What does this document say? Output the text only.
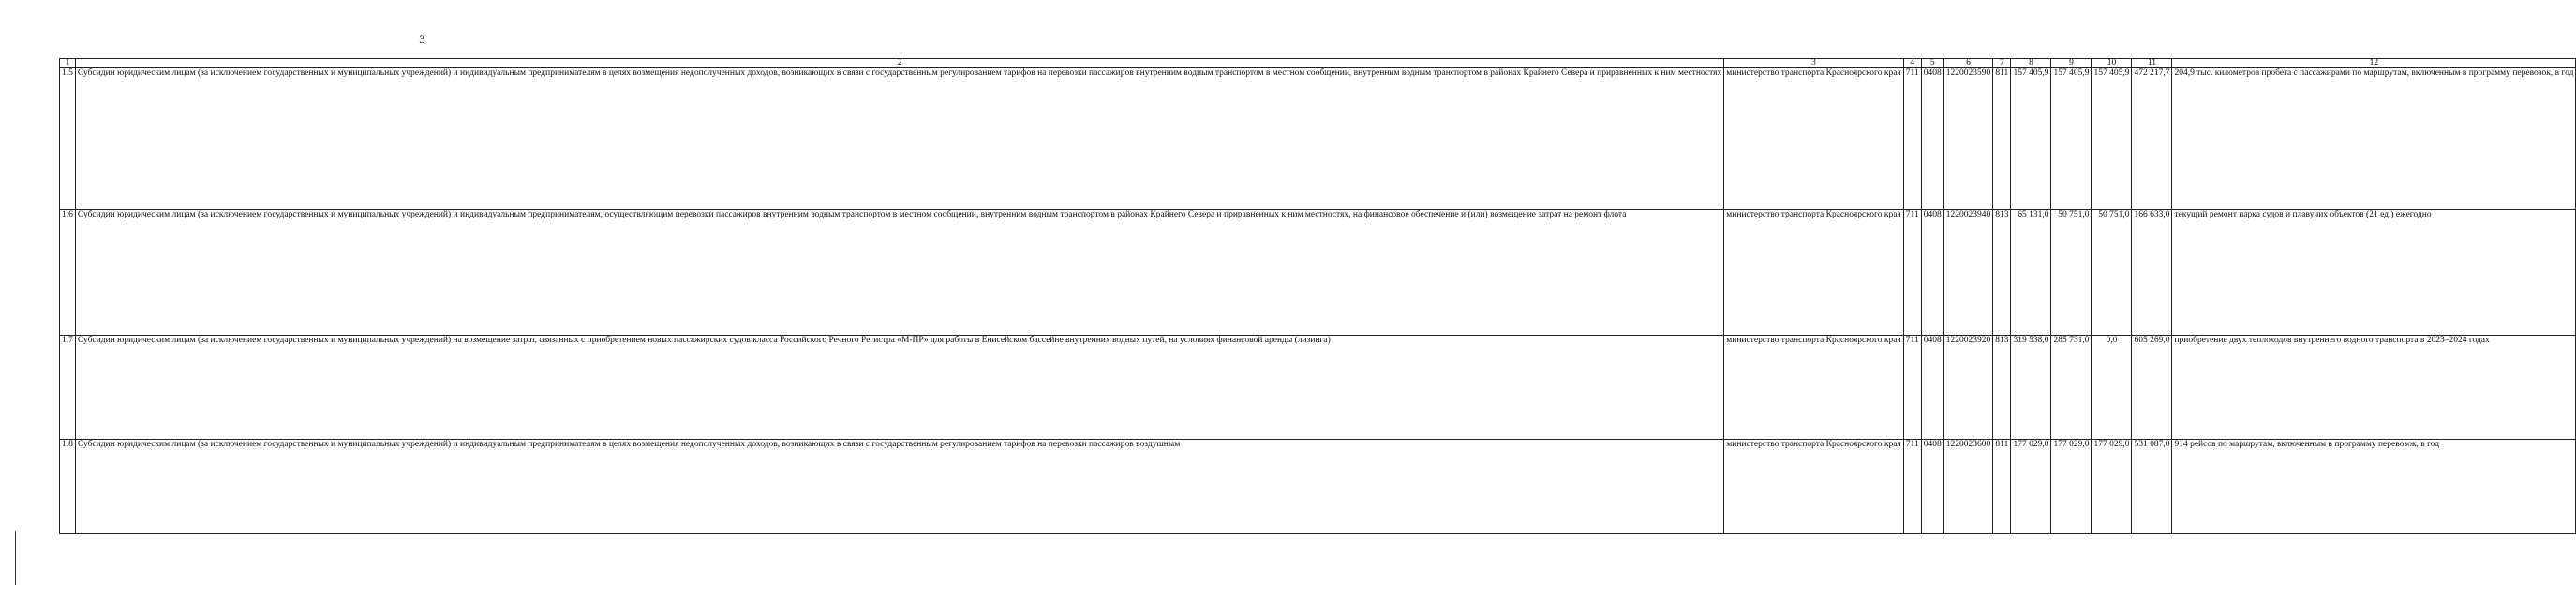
3
1	2	3	4	5	6	7	8	9	10	11	12
1.5	Субсидии юридическим лицам (за исключением государственных и муниципальных учреждений) и индивидуальным предпринимателям в целях возмещения недополученных доходов, возникающих в связи с государственным регулированием тарифов на перевозки пассажиров внутренним водным транспортом в местном сообщении, внутренним водным транспортом в районах Крайнего Севера и приравненных к ним местностях	министерство транспорта Красноярского края	711	0408	1220023590	811	157 405,9	157 405,9	157 405,9	472 217,7	204,9 тыс. километров пробега с пассажирами по маршрутам, включенным в программу перевозок, в год
1.6	Субсидии юридическим лицам (за исключением государственных и муниципальных учреждений) и индивидуальным предпринимателям, осуществляющим перевозки пассажиров внутренним водным транспортом в местном сообщении, внутренним водным транспортом в районах Крайнего Севера и приравненных к ним местностях, на финансовое обеспечение и (или) возмещение затрат на ремонт флота	министерство транспорта Красноярского края	711	0408	1220023940	813	65 131,0	50 751,0	50 751,0	166 633,0	текущий ремонт парка судов и плавучих объектов (21 ед.) ежегодно
1.7	Субсидии юридическим лицам (за исключением государственных и муниципальных учреждений) на возмещение затрат, связанных с приобретением новых пассажирских судов класса Российского Речного Регистра «М-ПР» для работы в Енисейском бассейне внутренних водных путей, на условиях финансовой аренды (лизинга)	министерство транспорта Красноярского края	711	0408	1220023920	813	319 538,0	285 731,0	0,0	605 269,0	приобретение двух теплоходов внутреннего водного транспорта в 2023–2024 годах
1.8	Субсидии юридическим лицам (за исключением государственных и муниципальных учреждений) и индивидуальным предпринимателям в целях возмещения недополученных доходов, возникающих в связи с государственным регулированием тарифов на перевозки пассажиров воздушным	министерство транспорта Красноярского края	711	0408	1220023600	811	177 029,0	177 029,0	177 029,0	531 087,0	914 рейсов по маршрутам, включенным в программу перевозок, в год
